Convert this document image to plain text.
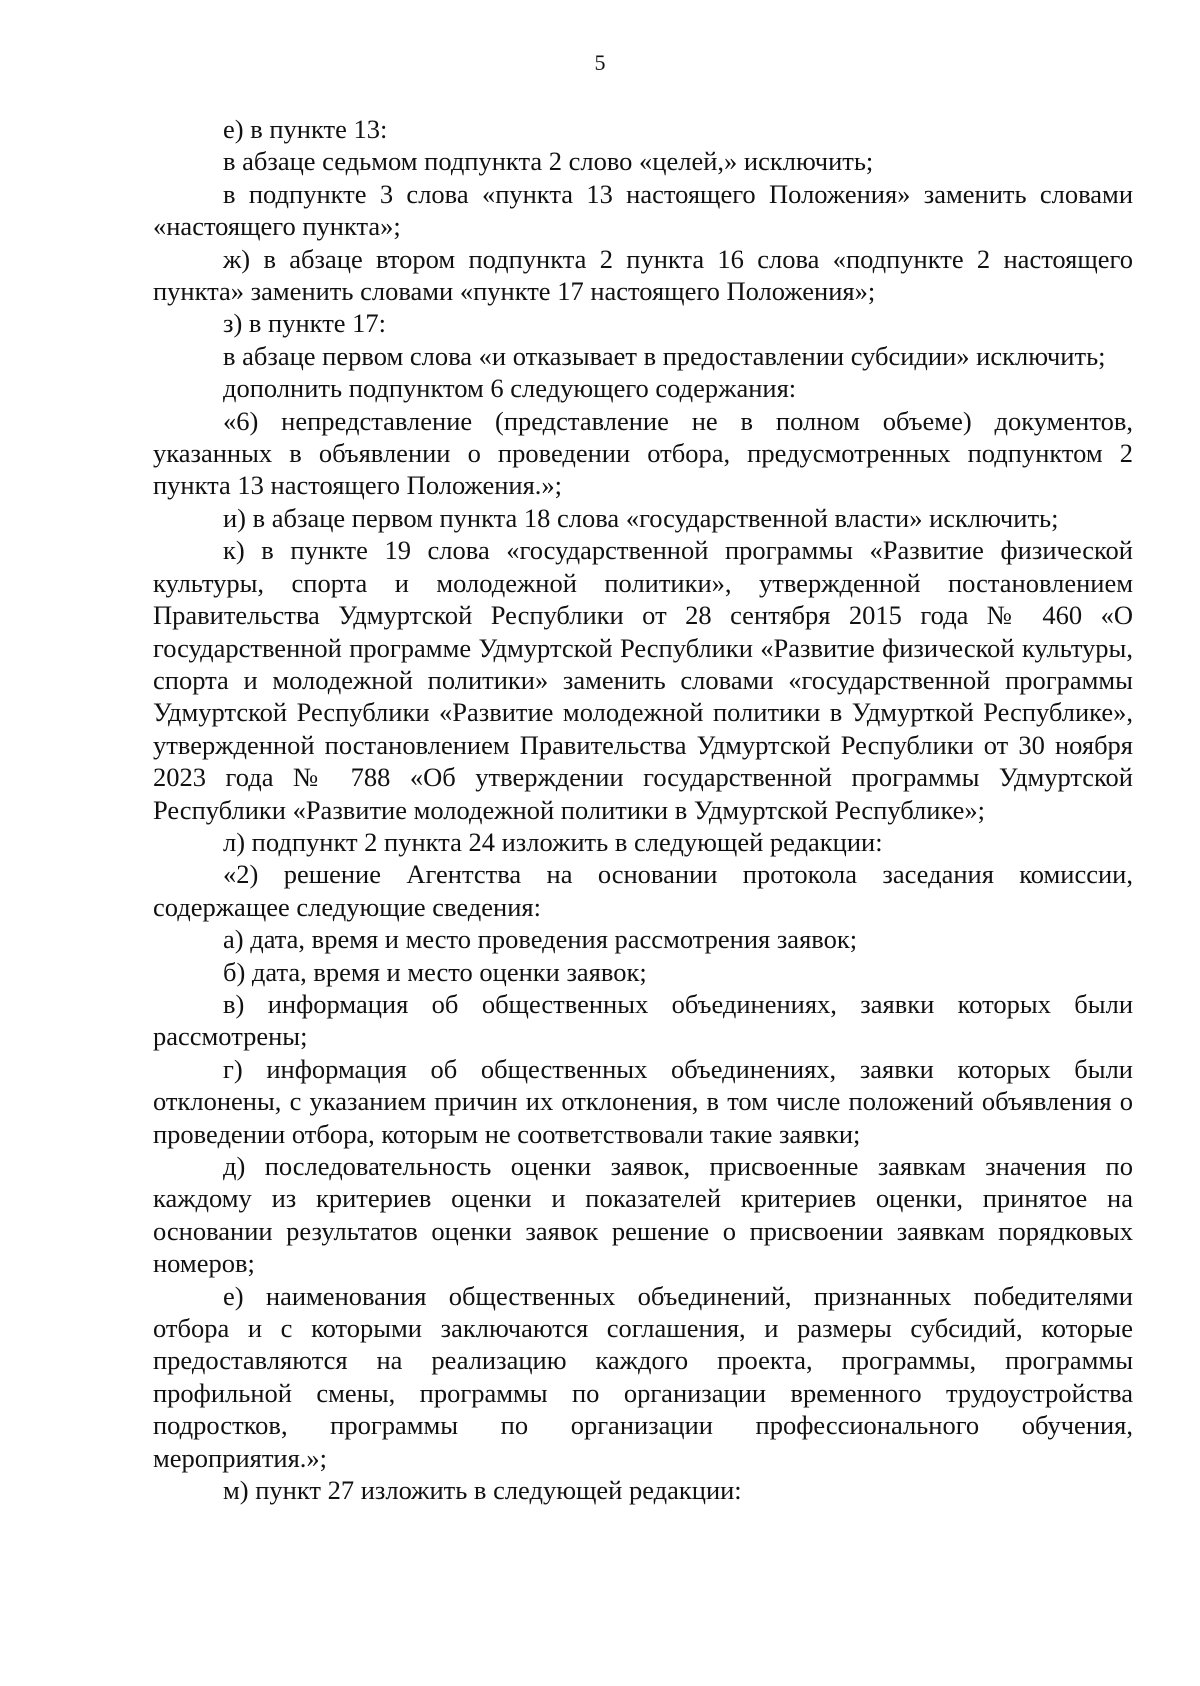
5

е) в пункте 13:

в абзаце седьмом подпункта 2 слово «целей,» исключить;

в подпункте 3 слова «пункта 13 настоящего Положения» заменить словами «настоящего пункта»;

ж) в абзаце втором подпункта 2 пункта 16 слова «подпункте 2 настоящего пункта» заменить словами «пункте 17 настоящего Положения»;

з) в пункте 17:

в абзаце первом слова «и отказывает в предоставлении субсидии» исключить;

дополнить подпунктом 6 следующего содержания:

«6) непредставление (представление не в полном объеме) документов, указанных в объявлении о проведении отбора, предусмотренных подпунктом 2 пункта 13 настоящего Положения.»;

и) в абзаце первом пункта 18 слова «государственной власти» исключить;

к) в пункте 19 слова «государственной программы «Развитие физической культуры, спорта и молодежной политики», утвержденной постановлением Правительства Удмуртской Республики от 28 сентября 2015 года № 460 «О государственной программе Удмуртской Республики «Развитие физической культуры, спорта и молодежной политики» заменить словами «государственной программы Удмуртской Республики «Развитие молодежной политики в Удмурткой Республике», утвержденной постановлением Правительства Удмуртской Республики от 30 ноября 2023 года № 788 «Об утверждении государственной программы Удмуртской Республики «Развитие молодежной политики в Удмуртской Республике»;

л) подпункт 2 пункта 24 изложить в следующей редакции:

«2) решение Агентства на основании протокола заседания комиссии, содержащее следующие сведения:

а) дата, время и место проведения рассмотрения заявок;

б) дата, время и место оценки заявок;

в) информация об общественных объединениях, заявки которых были рассмотрены;

г) информация об общественных объединениях, заявки которых были отклонены, с указанием причин их отклонения, в том числе положений объявления о проведении отбора, которым не соответствовали такие заявки;

д) последовательность оценки заявок, присвоенные заявкам значения по каждому из критериев оценки и показателей критериев оценки, принятое на основании результатов оценки заявок решение о присвоении заявкам порядковых номеров;

е) наименования общественных объединений, признанных победителями отбора и с которыми заключаются соглашения, и размеры субсидий, которые предоставляются на реализацию каждого проекта, программы, программы профильной смены, программы по организации временного трудоустройства подростков, программы по организации профессионального обучения, мероприятия.»;

м) пункт 27 изложить в следующей редакции:
